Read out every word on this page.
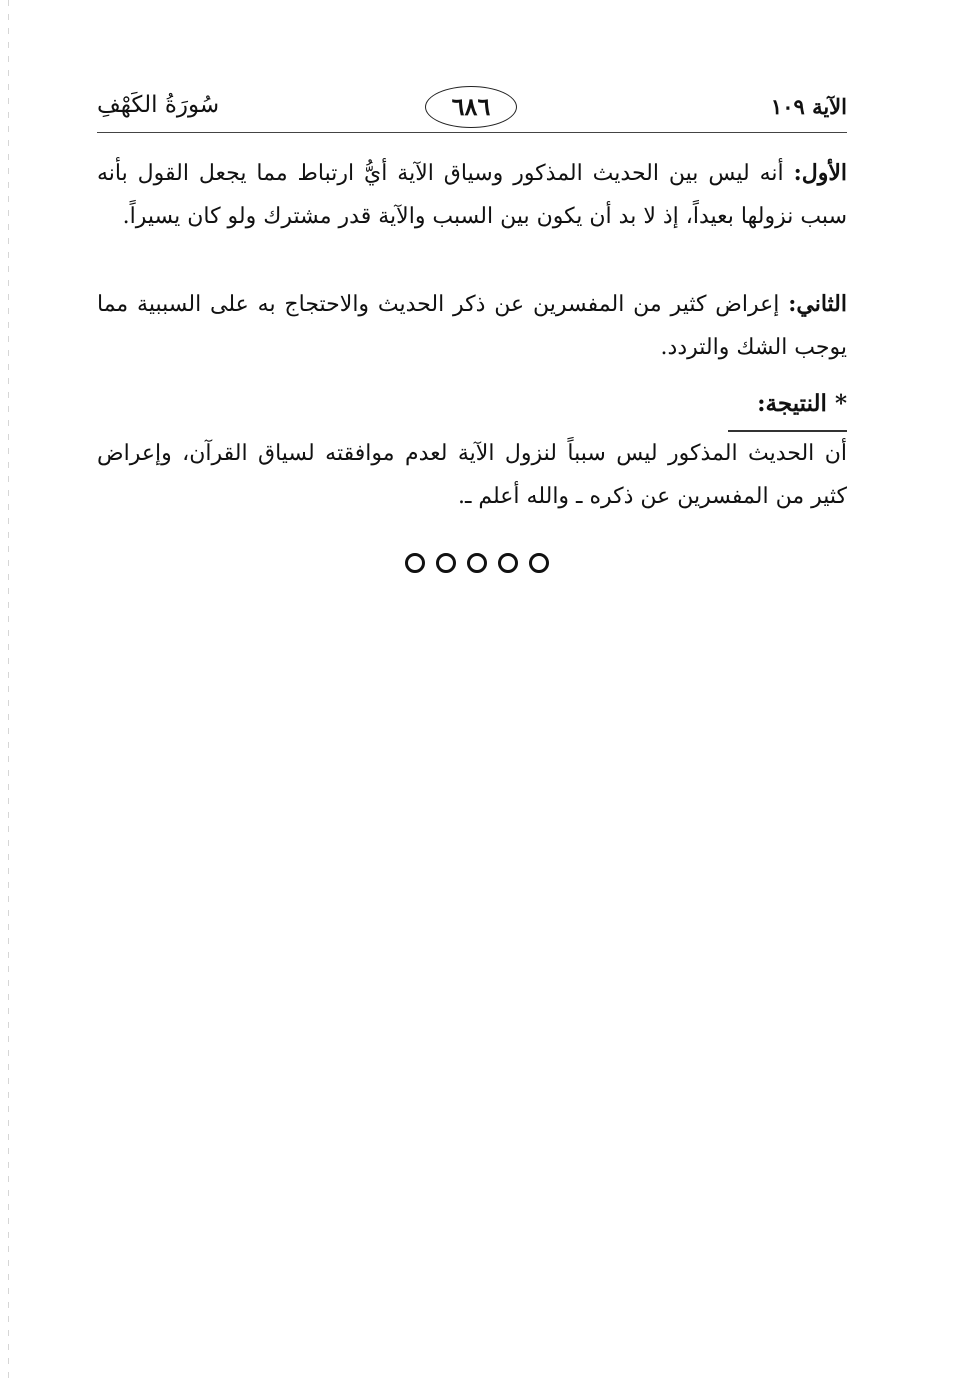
سُورَةُ الكَهْفِ	٦٨٦	الآية ١٠٩
الأول: أنه ليس بين الحديث المذكور وسياق الآية أيُّ ارتباط مما يجعل القول بأنه سبب نزولها بعيداً، إذ لا بد أن يكون بين السبب والآية قدر مشترك ولو كان يسيراً.
الثاني: إعراض كثير من المفسرين عن ذكر الحديث والاحتجاج به على السببية مما يوجب الشك والتردد.
* النتيجة:
أن الحديث المذكور ليس سبباً لنزول الآية لعدم موافقته لسياق القرآن، وإعراض كثير من المفسرين عن ذكره ـ والله أعلم ـ.
